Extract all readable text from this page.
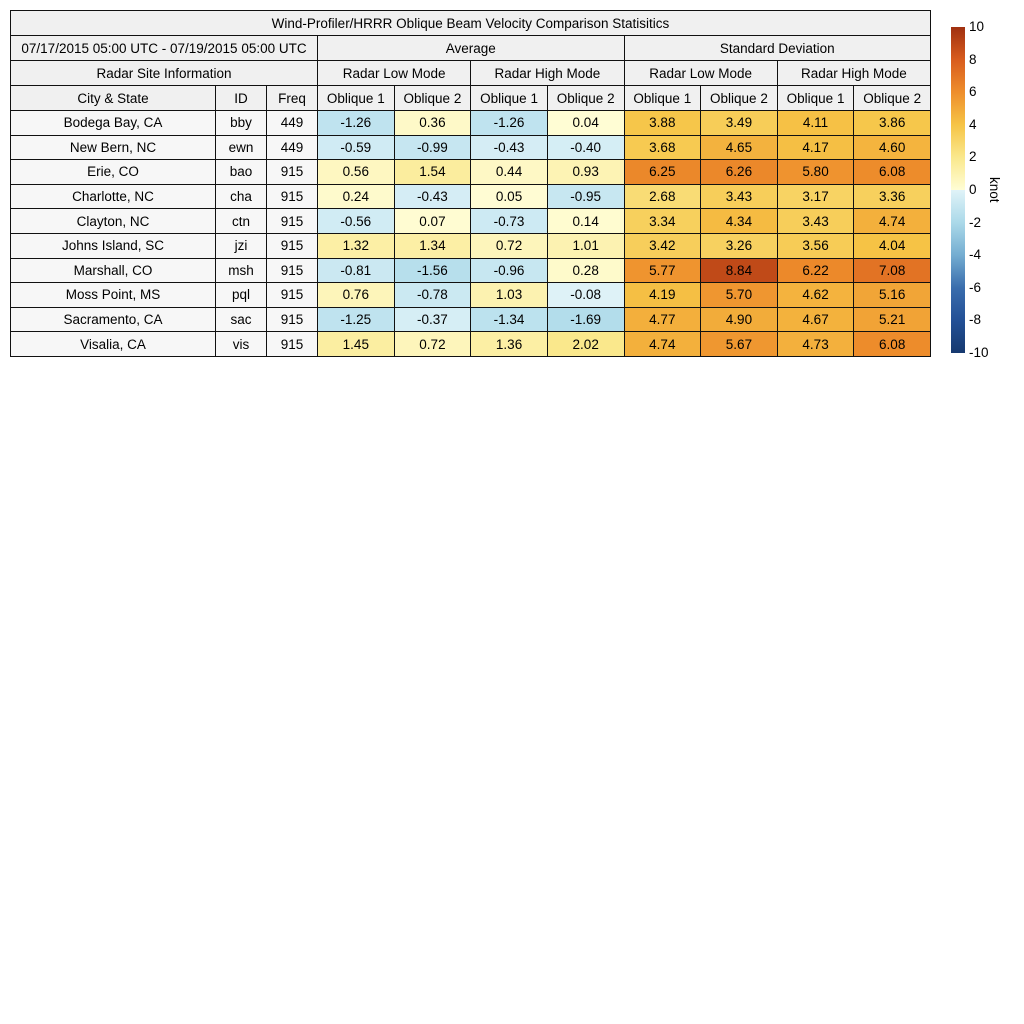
Wind-Profiler/HRRR Oblique Beam Velocity Comparison Statisitics										
07/17/2015 05:00 UTC - 07/19/2015 05:00 UTC			Average				Standard Deviation			
Radar Site Information			Radar Low Mode		Radar High Mode		Radar Low Mode		Radar High Mode	
City & State	ID	Freq	Oblique 1	Oblique 2	Oblique 1	Oblique 2	Oblique 1	Oblique 2	Oblique 1	Oblique 2
Bodega Bay, CA	bby	449	-1.26	0.36	-1.26	0.04	3.88	3.49	4.11	3.86
New Bern, NC	ewn	449	-0.59	-0.99	-0.43	-0.40	3.68	4.65	4.17	4.60
Erie, CO	bao	915	0.56	1.54	0.44	0.93	6.25	6.26	5.80	6.08
Charlotte, NC	cha	915	0.24	-0.43	0.05	-0.95	2.68	3.43	3.17	3.36
Clayton, NC	ctn	915	-0.56	0.07	-0.73	0.14	3.34	4.34	3.43	4.74
Johns Island, SC	jzi	915	1.32	1.34	0.72	1.01	3.42	3.26	3.56	4.04
Marshall, CO	msh	915	-0.81	-1.56	-0.96	0.28	5.77	8.84	6.22	7.08
Moss Point, MS	pql	915	0.76	-0.78	1.03	-0.08	4.19	5.70	4.62	5.16
Sacramento, CA	sac	915	-1.25	-0.37	-1.34	-1.69	4.77	4.90	4.67	5.21
Visalia, CA	vis	915	1.45	0.72	1.36	2.02	4.74	5.67	4.73	6.08
10
8
6
4
2
0
-2
-4
-6
-8
-10
knot
